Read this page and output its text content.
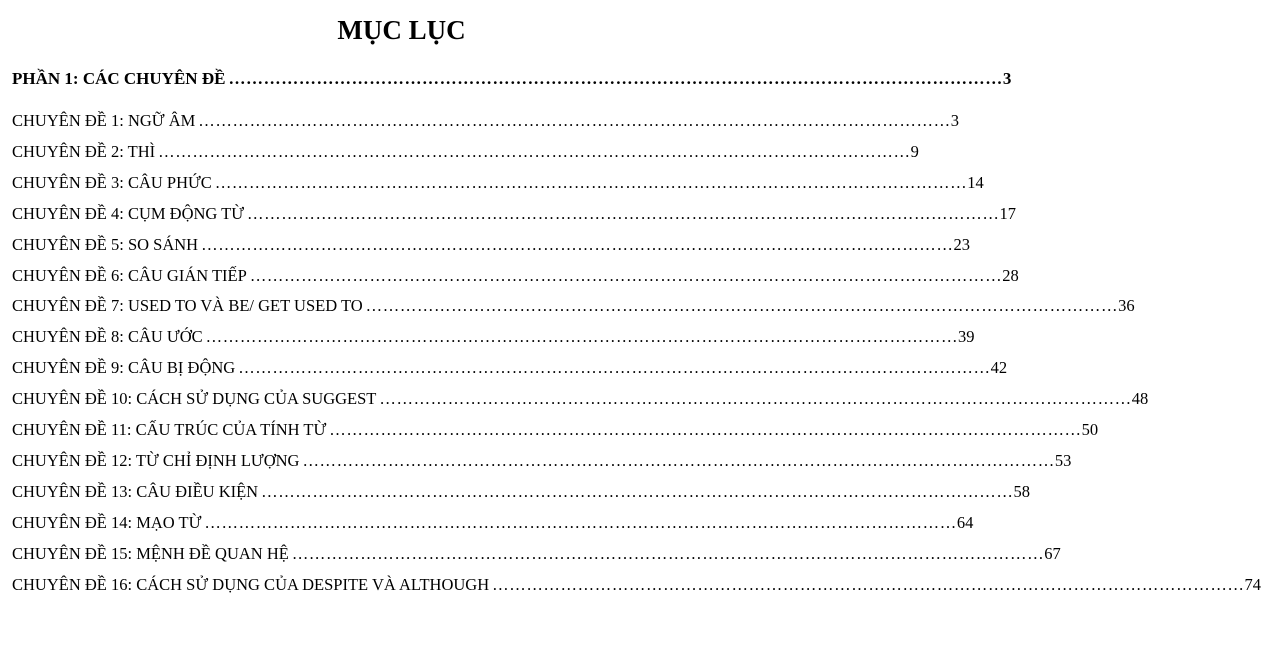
MỤC LỤC
PHẦN 1: CÁC CHUYÊN ĐỀ …………………………………………………………………………………………………………………… 3
CHUYÊN ĐỀ 1: NGỮ ÂM …………………………………………………………………………………………………………………… 3
CHUYÊN ĐỀ 2: THÌ …………………………………………………………………………………………………………………… 9
CHUYÊN ĐỀ 3: CÂU PHỨC …………………………………………………………………………………………………………………… 14
CHUYÊN ĐỀ 4: CỤM ĐỘNG TỪ …………………………………………………………………………………………………………………… 17
CHUYÊN ĐỀ 5: SO SÁNH …………………………………………………………………………………………………………………… 23
CHUYÊN ĐỀ 6: CÂU GIÁN TIẾP …………………………………………………………………………………………………………………… 28
CHUYÊN ĐỀ 7: USED TO VÀ BE/ GET USED TO …………………………………………………………………………………………………………………… 36
CHUYÊN ĐỀ 8: CÂU ƯỚC …………………………………………………………………………………………………………………… 39
CHUYÊN ĐỀ 9: CÂU BỊ ĐỘNG …………………………………………………………………………………………………………………… 42
CHUYÊN ĐỀ 10: CÁCH SỬ DỤNG CỦA SUGGEST …………………………………………………………………………………………………………………… 48
CHUYÊN ĐỀ 11: CẤU TRÚC CỦA TÍNH TỪ …………………………………………………………………………………………………………………… 50
CHUYÊN ĐỀ 12: TỪ CHỈ ĐỊNH LƯỢNG …………………………………………………………………………………………………………………… 53
CHUYÊN ĐỀ 13: CÂU ĐIỀU KIỆN …………………………………………………………………………………………………………………… 58
CHUYÊN ĐỀ 14: MẠO TỪ …………………………………………………………………………………………………………………… 64
CHUYÊN ĐỀ 15: MỆNH ĐỀ QUAN HỆ …………………………………………………………………………………………………………………… 67
CHUYÊN ĐỀ 16: CÁCH SỬ DỤNG CỦA DESPITE VÀ ALTHOUGH …………………………………………………………………………………………………………………… 74
